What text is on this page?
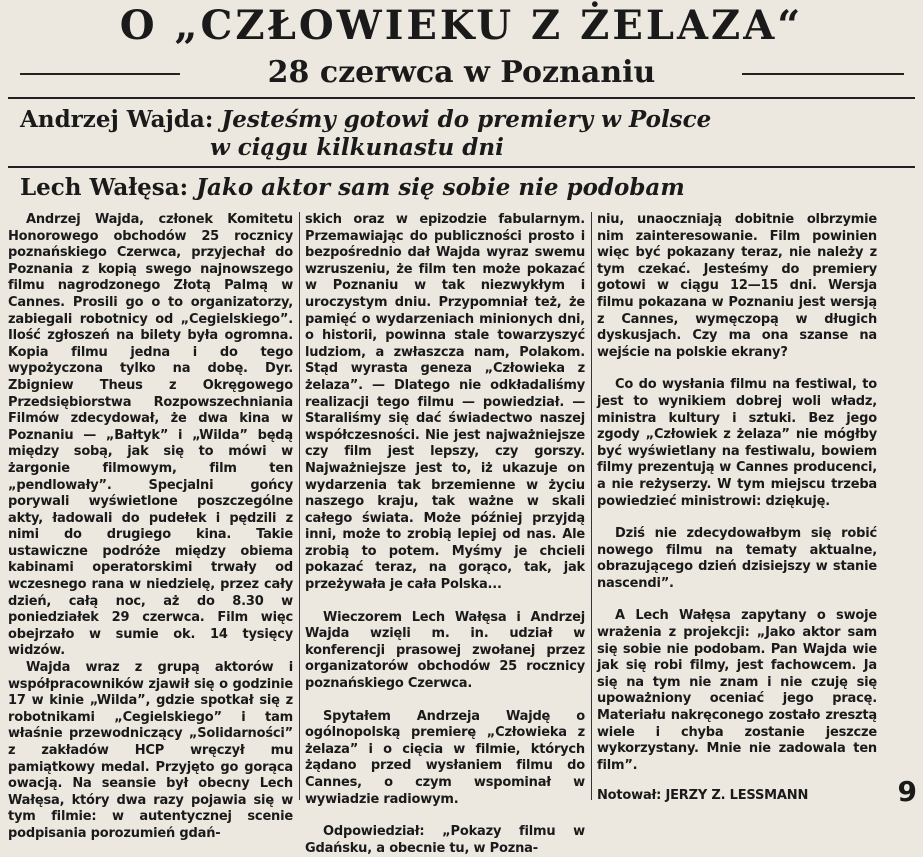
O „CZŁOWIEKU Z ŻELAZA“
28 czerwca w Poznaniu
Andrzej Wajda: Jesteśmy gotowi do premiery w Polsce
w ciągu kilkunastu dni
Lech Wałęsa: Jako aktor sam się sobie nie podobam

Andrzej Wajda, członek Komitetu Honorowego obchodów 25 rocznicy poznańskiego Czerwca, przyjechał do Poznania z kopią swego najnowszego filmu nagrodzonego Złotą Palmą w Cannes. Prosili go o to organizatorzy, zabiegali robotnicy od „Cegielskiego”. Ilość zgłoszeń na bilety była ogromna. Kopia filmu jedna i do tego wypożyczona tylko na dobę. Dyr. Zbigniew Theus z Okręgowego Przedsiębiorstwa Rozpowszechniania Filmów zdecydował, że dwa kina w Poznaniu — „Bałtyk” i „Wilda” będą między sobą, jak się to mówi w żargonie filmowym, film ten „pendlowały”. Specjalni gońcy porywali wyświetlone poszczególne akty, ładowali do pudełek i pędzili z nimi do drugiego kina. Takie ustawiczne podróże między obiema kabinami operatorskimi trwały od wczesnego rana w niedzielę, przez cały dzień, całą noc, aż do 8.30 w poniedziałek 29 czerwca. Film więc obejrzało w sumie ok. 14 tysięcy widzów.

Wajda wraz z grupą aktorów i współpracowników zjawił się o godzinie 17 w kinie „Wilda”, gdzie spotkał się z robotnikami „Cegielskiego” i tam właśnie przewodniczący „Solidarności” z zakładów HCP wręczył mu pamiątkowy medal. Przyjęto go gorąca owacją. Na seansie był obecny Lech Wałęsa, który dwa razy pojawia się w tym filmie: w autentycznej scenie podpisania porozumień gdań-

skich oraz w epizodzie fabularnym. Przemawiając do publiczności prosto i bezpośrednio dał Wajda wyraz swemu wzruszeniu, że film ten może pokazać w Poznaniu w tak niezwykłym i uroczystym dniu. Przypomniał też, że pamięć o wydarzeniach minionych dni, o historii, powinna stale towarzyszyć ludziom, a zwłaszcza nam, Polakom. Stąd wyrasta geneza „Człowieka z żelaza”. — Dlatego nie odkładaliśmy realizacji tego filmu — powiedział. — Staraliśmy się dać świadectwo naszej współczesności. Nie jest najważniejsze czy film jest lepszy, czy gorszy. Najważniejsze jest to, iż ukazuje on wydarzenia tak brzemienne w życiu naszego kraju, tak ważne w skali całego świata. Może później przyjdą inni, może to zrobią lepiej od nas. Ale zrobią to potem. Myśmy je chcieli pokazać teraz, na gorąco, tak, jak przeżywała je cała Polska...

Wieczorem Lech Wałęsa i Andrzej Wajda wzięli m. in. udział w konferencji prasowej zwołanej przez organizatorów obchodów 25 rocznicy poznańskiego Czerwca.

Spytałem Andrzeja Wajdę o ogólnopolską premierę „Człowieka z żelaza” i o cięcia w filmie, których żądano przed wysłaniem filmu do Cannes, o czym wspominał w wywiadzie radiowym.

Odpowiedział: „Pokazy filmu w Gdańsku, a obecnie tu, w Pozna-

niu, unaoczniają dobitnie olbrzymie nim zainteresowanie. Film powinien więc być pokazany teraz, nie należy z tym czekać. Jesteśmy do premiery gotowi w ciągu 12—15 dni. Wersja filmu pokazana w Poznaniu jest wersją z Cannes, wymęczopą w długich dyskusjach. Czy ma ona szanse na wejście na polskie ekrany?

Co do wysłania filmu na festiwal, to jest to wynikiem dobrej woli władz, ministra kultury i sztuki. Bez jego zgody „Człowiek z żelaza” nie mógłby być wyświetlany na festiwalu, bowiem filmy prezentują w Cannes producenci, a nie reżyserzy. W tym miejscu trzeba powiedzieć ministrowi: dziękuję.

Dziś nie zdecydowałbym się robić nowego filmu na tematy aktualne, obrazującego dzień dzisiejszy w stanie nascendi”.

A Lech Wałęsa zapytany o swoje wrażenia z projekcji: „Jako aktor sam się sobie nie podobam. Pan Wajda wie jak się robi filmy, jest fachowcem. Ja się na tym nie znam i nie czuję się upoważniony oceniać jego pracę. Materiału nakręconego zostało zresztą wiele i chyba zostanie jeszcze wykorzystany. Mnie nie zadowala ten film”.

Notował: JERZY Z. LESSMANN	9
